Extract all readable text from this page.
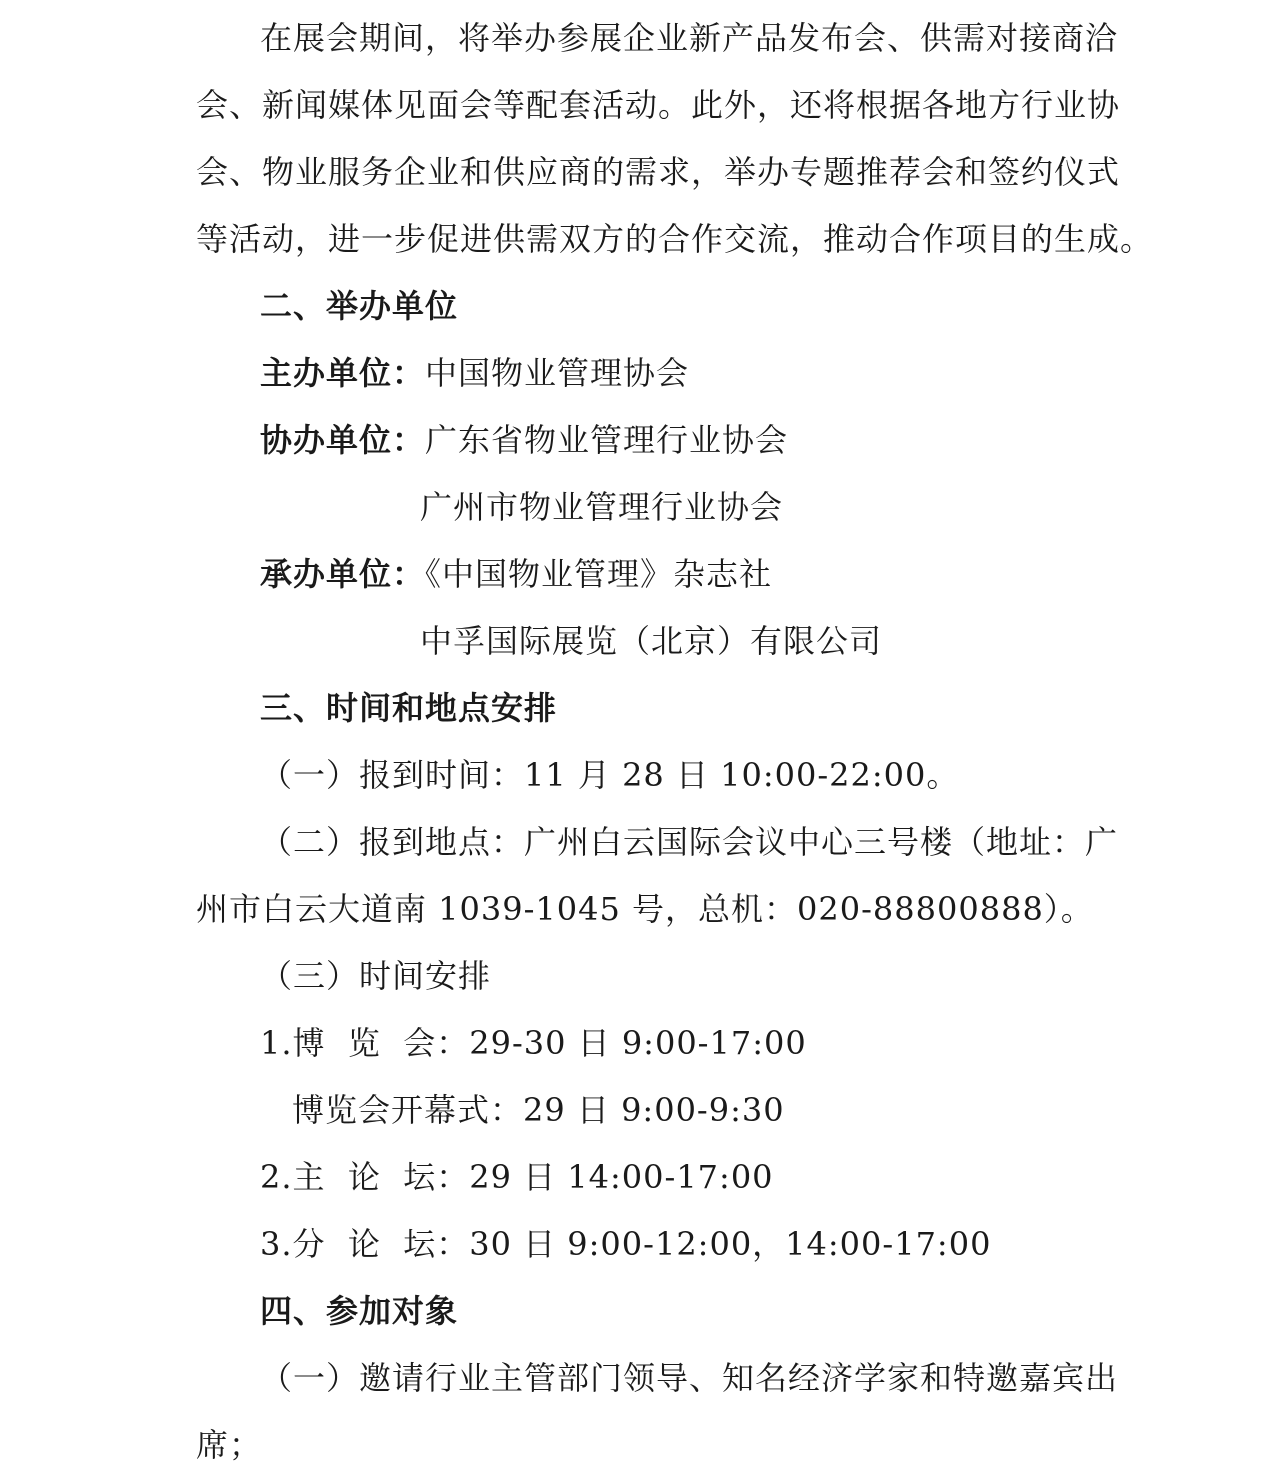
在展会期间，将举办参展企业新产品发布会、供需对接商洽
会、新闻媒体见面会等配套活动。此外，还将根据各地方行业协
会、物业服务企业和供应商的需求，举办专题推荐会和签约仪式
等活动，进一步促进供需双方的合作交流，推动合作项目的生成。
二、举办单位
主办单位：中国物业管理协会
协办单位：广东省物业管理行业协会
广州市物业管理行业协会
承办单位：《中国物业管理》杂志社
中孚国际展览（北京）有限公司
三、时间和地点安排
（一）报到时间：11 月 28 日 10:00-22:00。
（二）报到地点：广州白云国际会议中心三号楼（地址：广
州市白云大道南 1039-1045 号，总机：020-88800888）。
（三）时间安排
1.博  览  会：29-30 日 9:00-17:00
博览会开幕式：29 日 9:00-9:30
2.主  论  坛：29 日 14:00-17:00
3.分  论  坛：30 日 9:00-12:00，14:00-17:00
四、参加对象
（一）邀请行业主管部门领导、知名经济学家和特邀嘉宾出
席；
